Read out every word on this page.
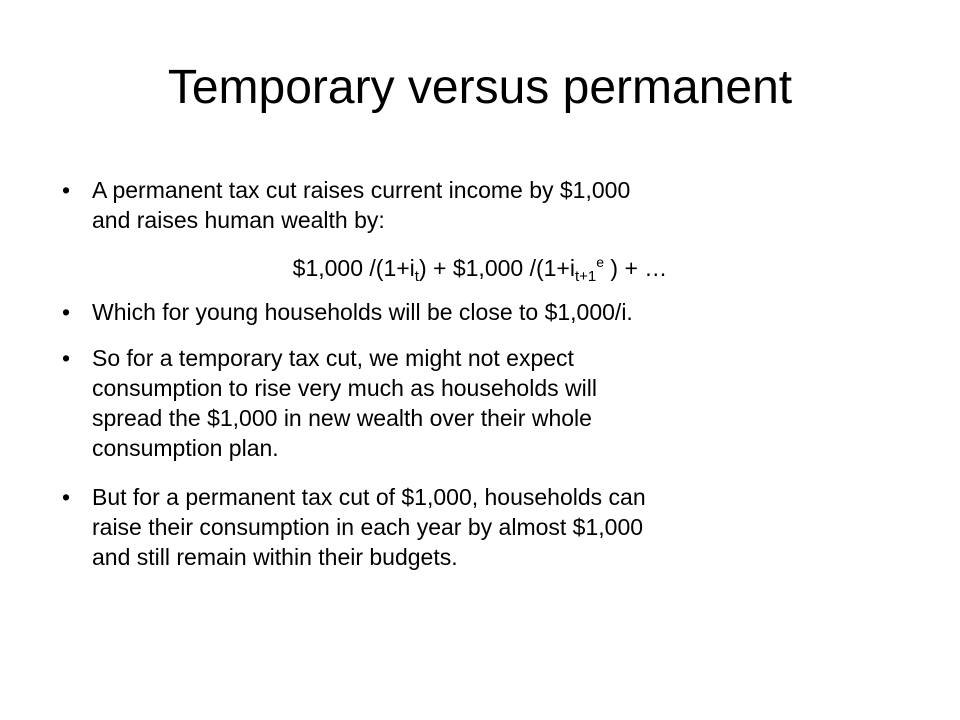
Temporary versus permanent
• A permanent tax cut raises current income by $1,000
and raises human wealth by:
$1,000 $/(1+i_t)$ + $1,000 $/(1+i_{t+1}^e$ ) + …
• Which for young households will be close to $1,000/i.
• So for a temporary tax cut, we might not expect
consumption to rise very much as households will
spread the $1,000 in new wealth over their whole
consumption plan.
• But for a permanent tax cut of $1,000, households can
raise their consumption in each year by almost $1,000
and still remain within their budgets.
